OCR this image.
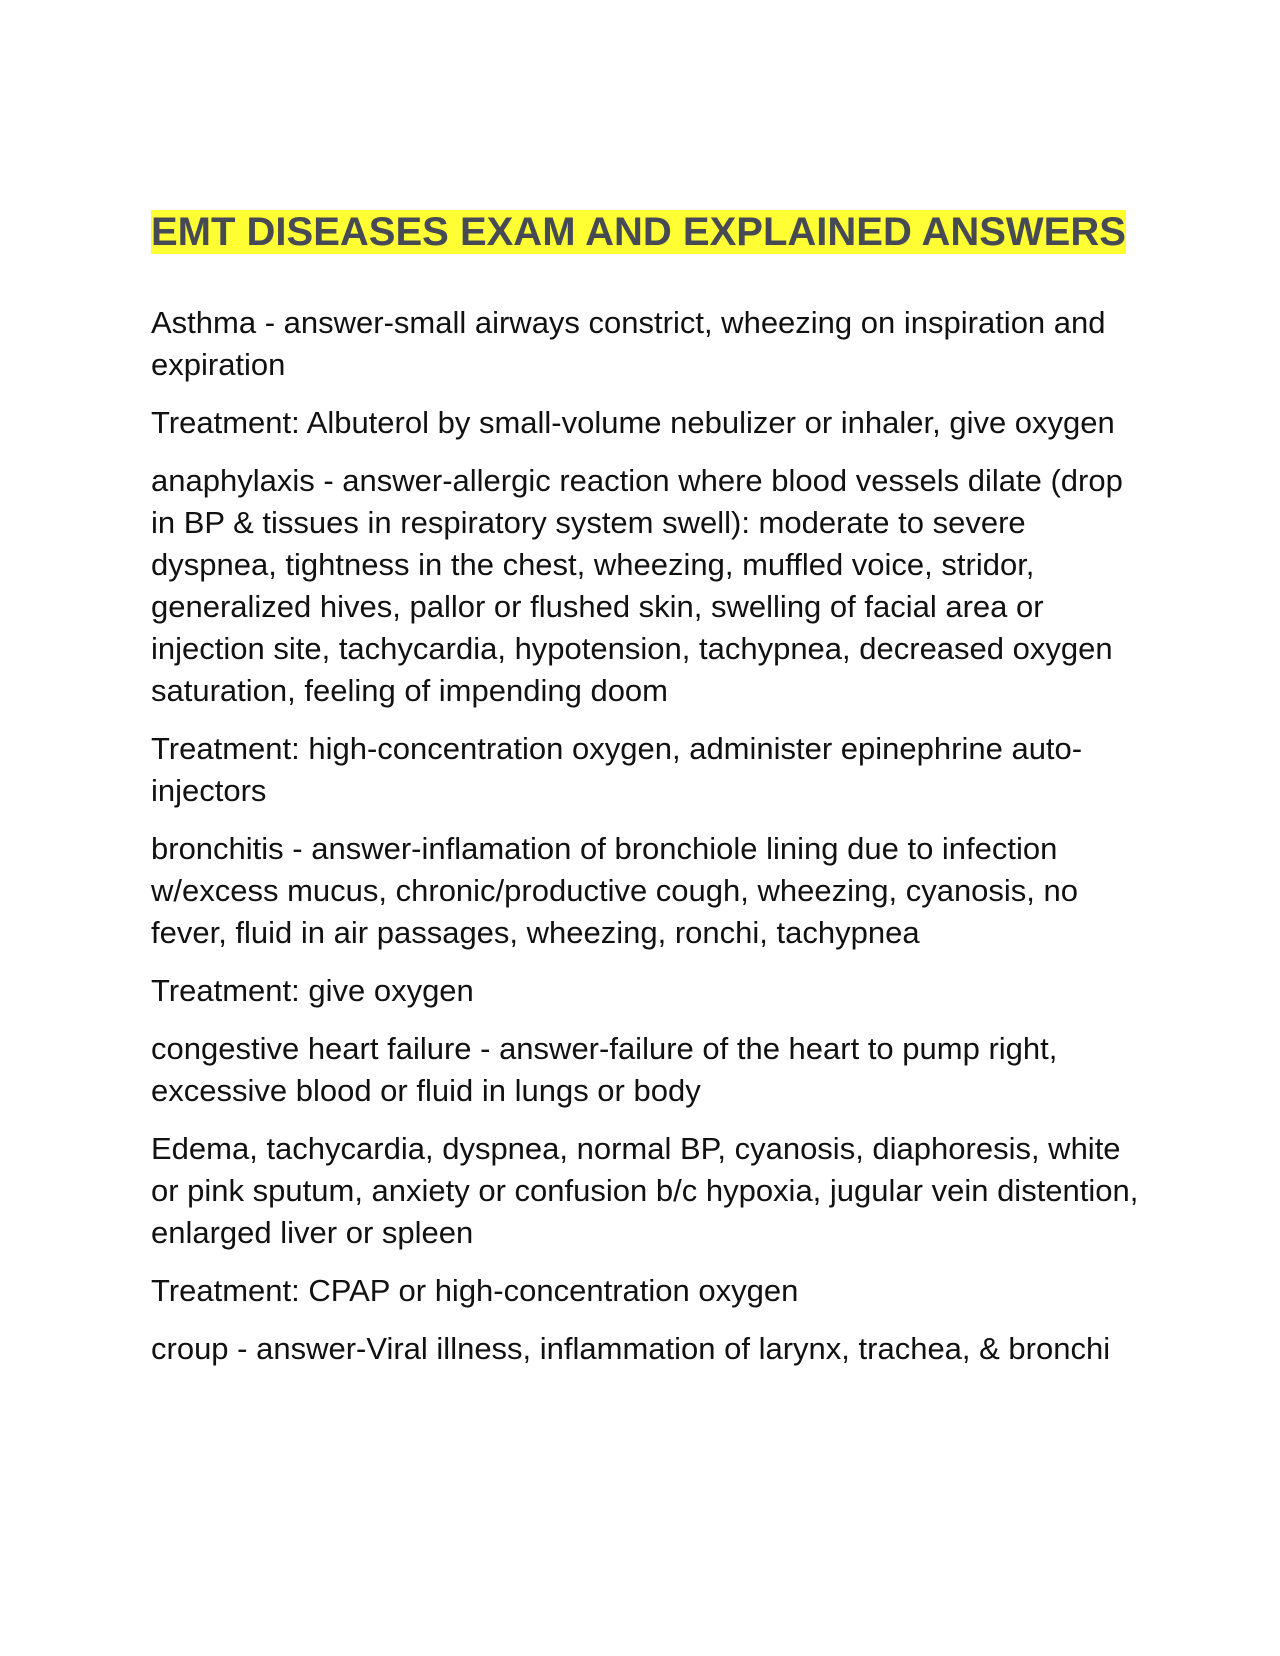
EMT DISEASES EXAM AND EXPLAINED ANSWERS

Asthma - answer-small airways constrict, wheezing on inspiration and expiration

Treatment: Albuterol by small-volume nebulizer or inhaler, give oxygen

anaphylaxis - answer-allergic reaction where blood vessels dilate (drop in BP & tissues in respiratory system swell): moderate to severe dyspnea, tightness in the chest, wheezing, muffled voice, stridor, generalized hives, pallor or flushed skin, swelling of facial area or injection site, tachycardia, hypotension, tachypnea, decreased oxygen saturation, feeling of impending doom

Treatment: high-concentration oxygen, administer epinephrine auto-injectors

bronchitis - answer-inflamation of bronchiole lining due to infection w/excess mucus, chronic/productive cough, wheezing, cyanosis, no fever, fluid in air passages, wheezing, ronchi, tachypnea

Treatment: give oxygen

congestive heart failure - answer-failure of the heart to pump right, excessive blood or fluid in lungs or body

Edema, tachycardia, dyspnea, normal BP, cyanosis, diaphoresis, white or pink sputum, anxiety or confusion b/c hypoxia, jugular vein distention, enlarged liver or spleen

Treatment: CPAP or high-concentration oxygen

croup - answer-Viral illness, inflammation of larynx, trachea, & bronchi
